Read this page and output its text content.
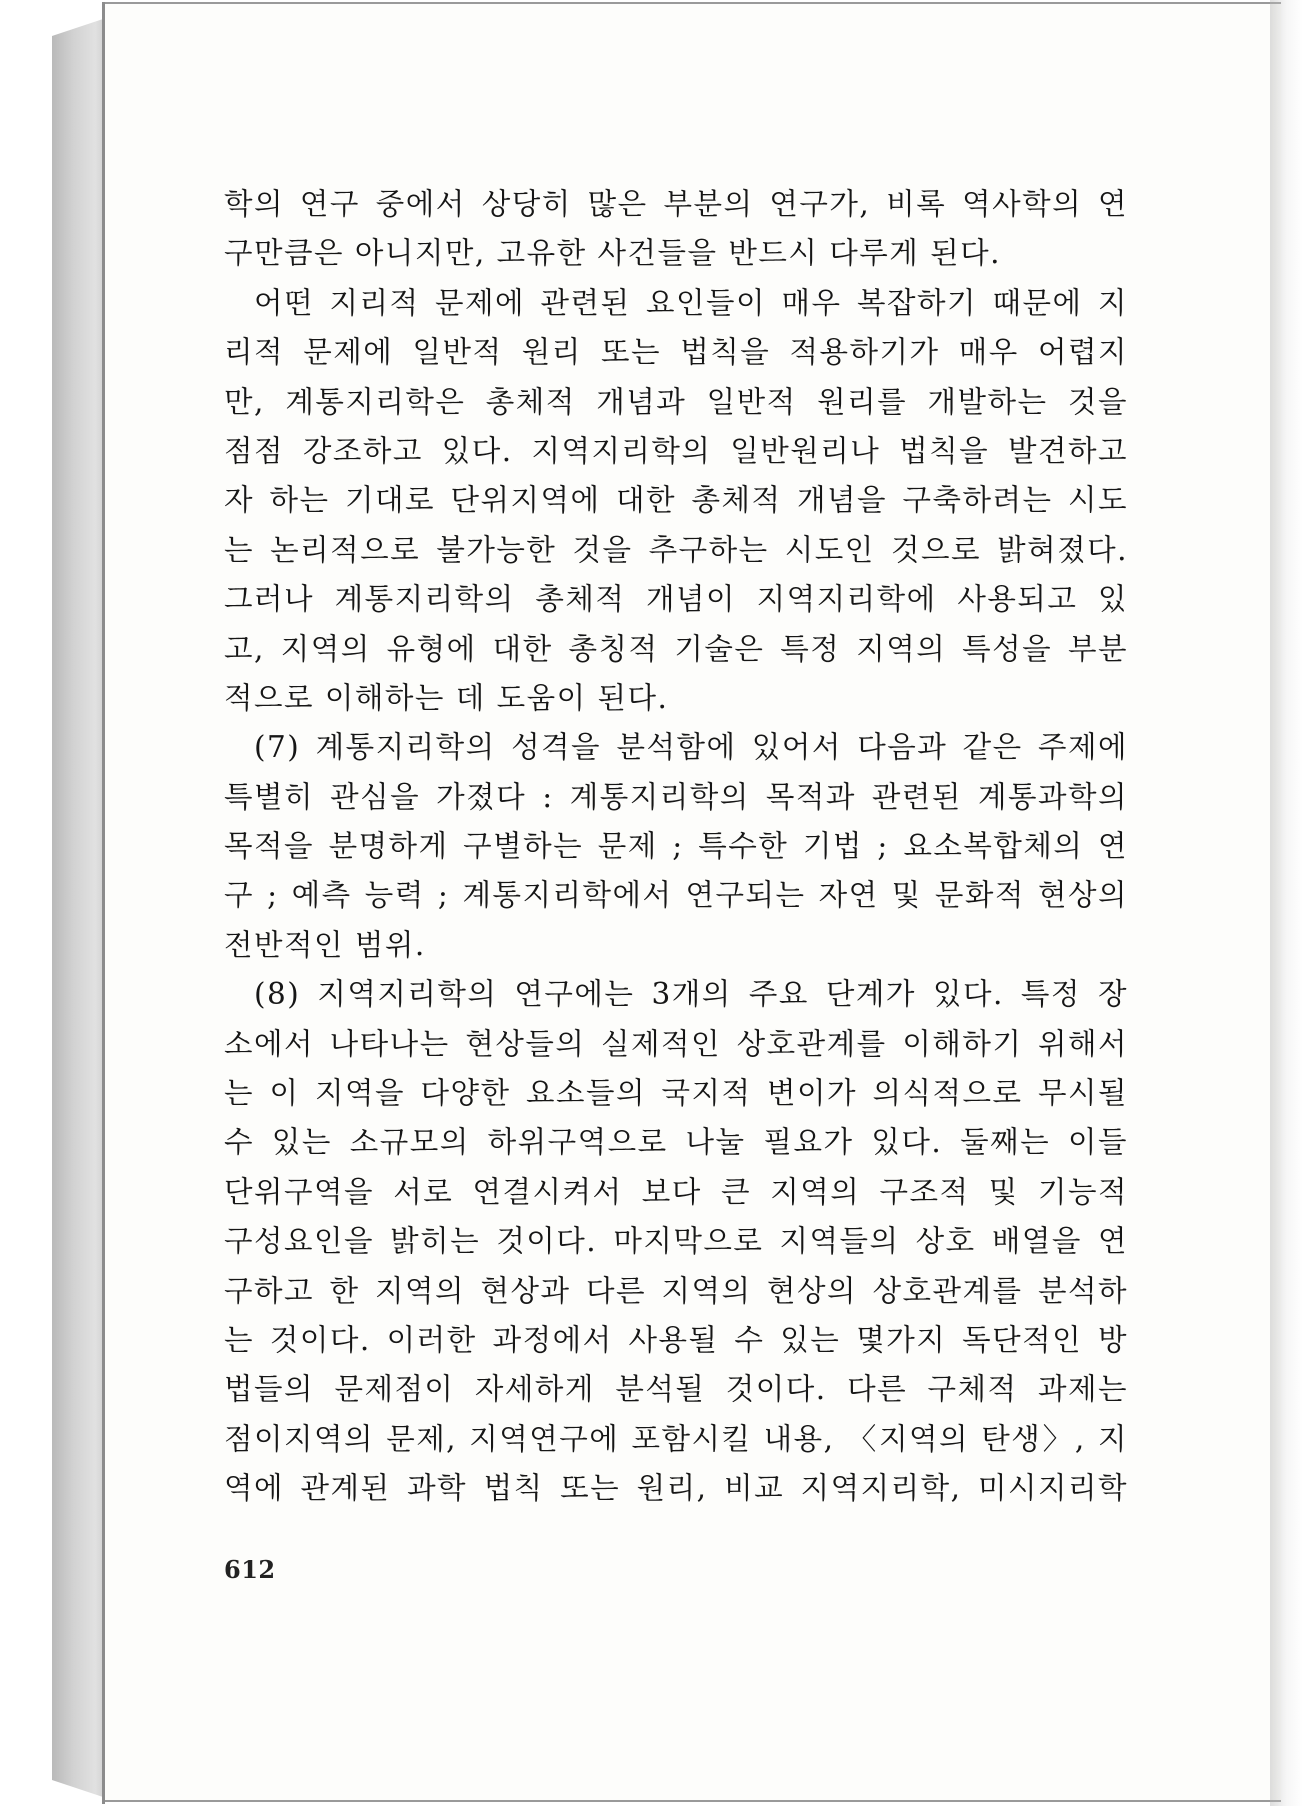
학의 연구 중에서 상당히 많은 부분의 연구가, 비록 역사학의 연
구만큼은 아니지만, 고유한 사건들을 반드시 다루게 된다.
어떤 지리적 문제에 관련된 요인들이 매우 복잡하기 때문에 지
리적 문제에 일반적 원리 또는 법칙을 적용하기가 매우 어렵지
만, 계통지리학은 총체적 개념과 일반적 원리를 개발하는 것을
점점 강조하고 있다. 지역지리학의 일반원리나 법칙을 발견하고
자 하는 기대로 단위지역에 대한 총체적 개념을 구축하려는 시도
는 논리적으로 불가능한 것을 추구하는 시도인 것으로 밝혀졌다.
그러나 계통지리학의 총체적 개념이 지역지리학에 사용되고 있
고, 지역의 유형에 대한 총칭적 기술은 특정 지역의 특성을 부분
적으로 이해하는 데 도움이 된다.
(7) 계통지리학의 성격을 분석함에 있어서 다음과 같은 주제에
특별히 관심을 가졌다 : 계통지리학의 목적과 관련된 계통과학의
목적을 분명하게 구별하는 문제 ; 특수한 기법 ; 요소복합체의 연
구 ; 예측 능력 ; 계통지리학에서 연구되는 자연 및 문화적 현상의
전반적인 범위.
(8) 지역지리학의 연구에는 3개의 주요 단계가 있다. 특정 장
소에서 나타나는 현상들의 실제적인 상호관계를 이해하기 위해서
는 이 지역을 다양한 요소들의 국지적 변이가 의식적으로 무시될
수 있는 소규모의 하위구역으로 나눌 필요가 있다. 둘째는 이들
단위구역을 서로 연결시켜서 보다 큰 지역의 구조적 및 기능적
구성요인을 밝히는 것이다. 마지막으로 지역들의 상호 배열을 연
구하고 한 지역의 현상과 다른 지역의 현상의 상호관계를 분석하
는 것이다. 이러한 과정에서 사용될 수 있는 몇가지 독단적인 방
법들의 문제점이 자세하게 분석될 것이다. 다른 구체적 과제는
점이지역의 문제, 지역연구에 포함시킬 내용, 〈지역의 탄생〉, 지
역에 관계된 과학 법칙 또는 원리, 비교 지역지리학, 미시지리학
612
